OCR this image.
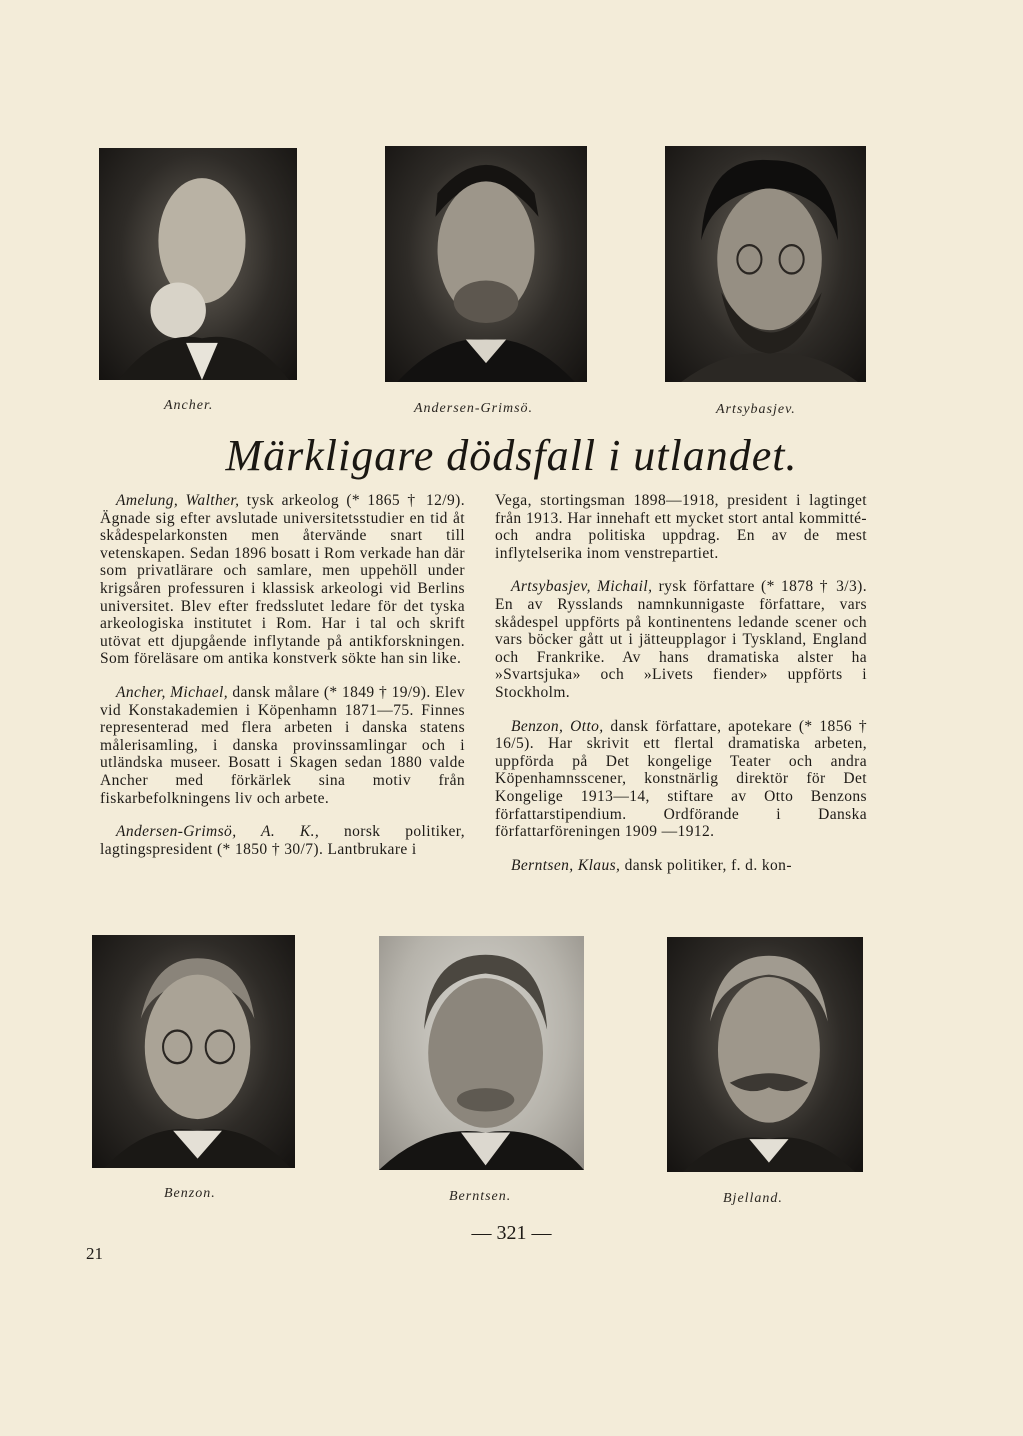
Ancher.	Andersen-Grimsö.	Artsybasjev.
Märkligare dödsfall i utlandet.

Amelung, Walther, tysk arkeolog (* 1865 † 12/9). Ägnade sig efter avslutade universitetsstudier en tid åt skådespelarkonsten men återvände snart till vetenskapen. Sedan 1896 bosatt i Rom verkade han där som privatlärare och samlare, men uppehöll under krigsåren professuren i klassisk arkeologi vid Berlins universitet. Blev efter fredsslutet ledare för det tyska arkeologiska institutet i Rom. Har i tal och skrift utövat ett djupgående inflytande på antikforskningen. Som föreläsare om antika konstverk sökte han sin like.

Ancher, Michael, dansk målare (* 1849 † 19/9). Elev vid Konstakademien i Köpenhamn 1871—75. Finnes representerad med flera arbeten i danska statens målerisamling, i danska provinssamlingar och i utländska museer. Bosatt i Skagen sedan 1880 valde Ancher med förkärlek sina motiv från fiskarbefolkningens liv och arbete.

Andersen-Grimsö, A. K., norsk politiker, lagtingspresident (* 1850 † 30/7). Lantbrukare i

Vega, stortingsman 1898—1918, president i lagtinget från 1913. Har innehaft ett mycket stort antal kommitté- och andra politiska uppdrag. En av de mest inflytelserika inom venstrepartiet.

Artsybasjev, Michail, rysk författare (* 1878 † 3/3). En av Rysslands namnkunnigaste författare, vars skådespel uppförts på kontinentens ledande scener och vars böcker gått ut i jätteupplagor i Tyskland, England och Frankrike. Av hans dramatiska alster ha »Svartsjuka» och »Livets fiender» uppförts i Stockholm.

Benzon, Otto, dansk författare, apotekare (* 1856 † 16/5). Har skrivit ett flertal dramatiska arbeten, uppförda på Det kongelige Teater och andra Köpenhamnsscener, konstnärlig direktör för Det Kongelige 1913—14, stiftare av Otto Benzons författarstipendium. Ordförande i Danska författarföreningen 1909 —1912.

Berntsen, Klaus, dansk politiker, f. d. kon-

Benzon.	Berntsen.	Bjelland.
— 321 —
21
